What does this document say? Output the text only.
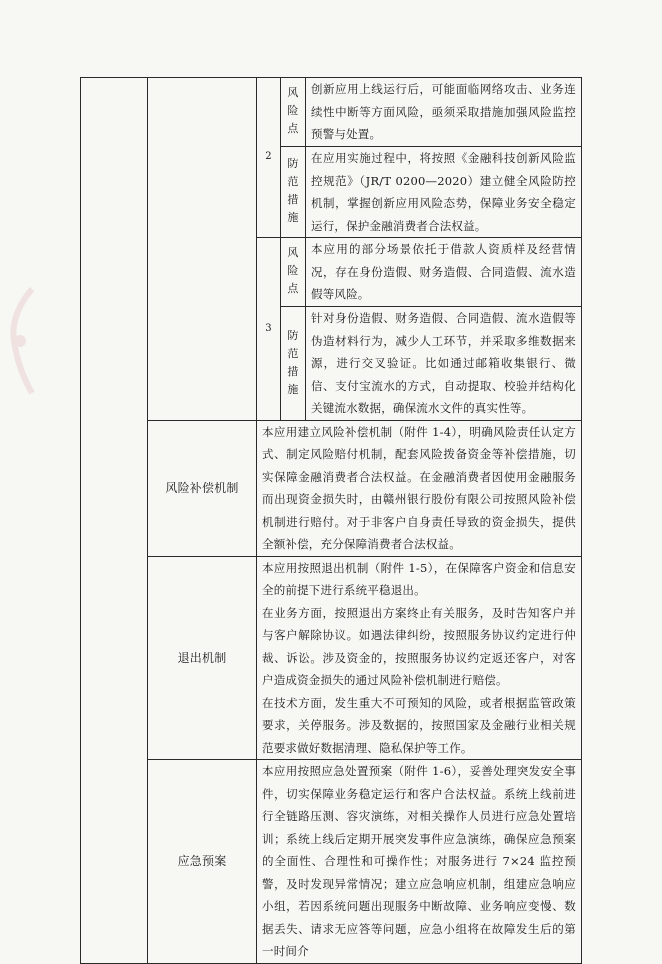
		2	风险点	创新应用上线运行后，可能面临网络攻击、业务连续性中断等方面风险，亟须采取措施加强风险监控预警与处置。
			防范措施	在应用实施过程中，将按照《金融科技创新风险监控规范》（JR/T 0200—2020）建立健全风险防控机制，掌握创新应用风险态势，保障业务安全稳定运行，保护金融消费者合法权益。
		3	风险点	本应用的部分场景依托于借款人资质样及经营情况，存在身份造假、财务造假、合同造假、流水造假等风险。
			防范措施	针对身份造假、财务造假、合同造假、流水造假等伪造材料行为，减少人工环节，并采取多维数据来源，进行交叉验证。比如通过邮箱收集银行、微信、支付宝流水的方式，自动提取、校验并结构化关键流水数据，确保流水文件的真实性等。
	风险补偿机制	本应用建立风险补偿机制（附件 1-4），明确风险责任认定方式、制定风险赔付机制，配套风险拨备资金等补偿措施，切实保障金融消费者合法权益。在金融消费者因使用金融服务而出现资金损失时，由赣州银行股份有限公司按照风险补偿机制进行赔付。对于非客户自身责任导致的资金损失，提供全额补偿，充分保障消费者合法权益。		
	退出机制	本应用按照退出机制（附件 1-5），在保障客户资金和信息安全的前提下进行系统平稳退出。
在业务方面，按照退出方案终止有关服务，及时告知客户并与客户解除协议。如遇法律纠纷，按照服务协议约定进行仲裁、诉讼。涉及资金的，按照服务协议约定返还客户，对客户造成资金损失的通过风险补偿机制进行赔偿。
在技术方面，发生重大不可预知的风险，或者根据监管政策要求，关停服务。涉及数据的，按照国家及金融行业相关规范要求做好数据清理、隐私保护等工作。		

	应急预案	本应用按照应急处置预案（附件 1-6），妥善处理突发安全事件，切实保障业务稳定运行和客户合法权益。系统上线前进行全链路压测、容灾演练，对相关操作人员进行应急处置培训；系统上线后定期开展突发事件应急演练，确保应急预案的全面性、合理性和可操作性；对服务进行 7×24 监控预警，及时发现异常情况；建立应急响应机制，组建应急响应小组，若因系统问题出现服务中断故障、业务响应变慢、数据丢失、请求无应答等问题，应急小组将在故障发生后的第一时间介		
